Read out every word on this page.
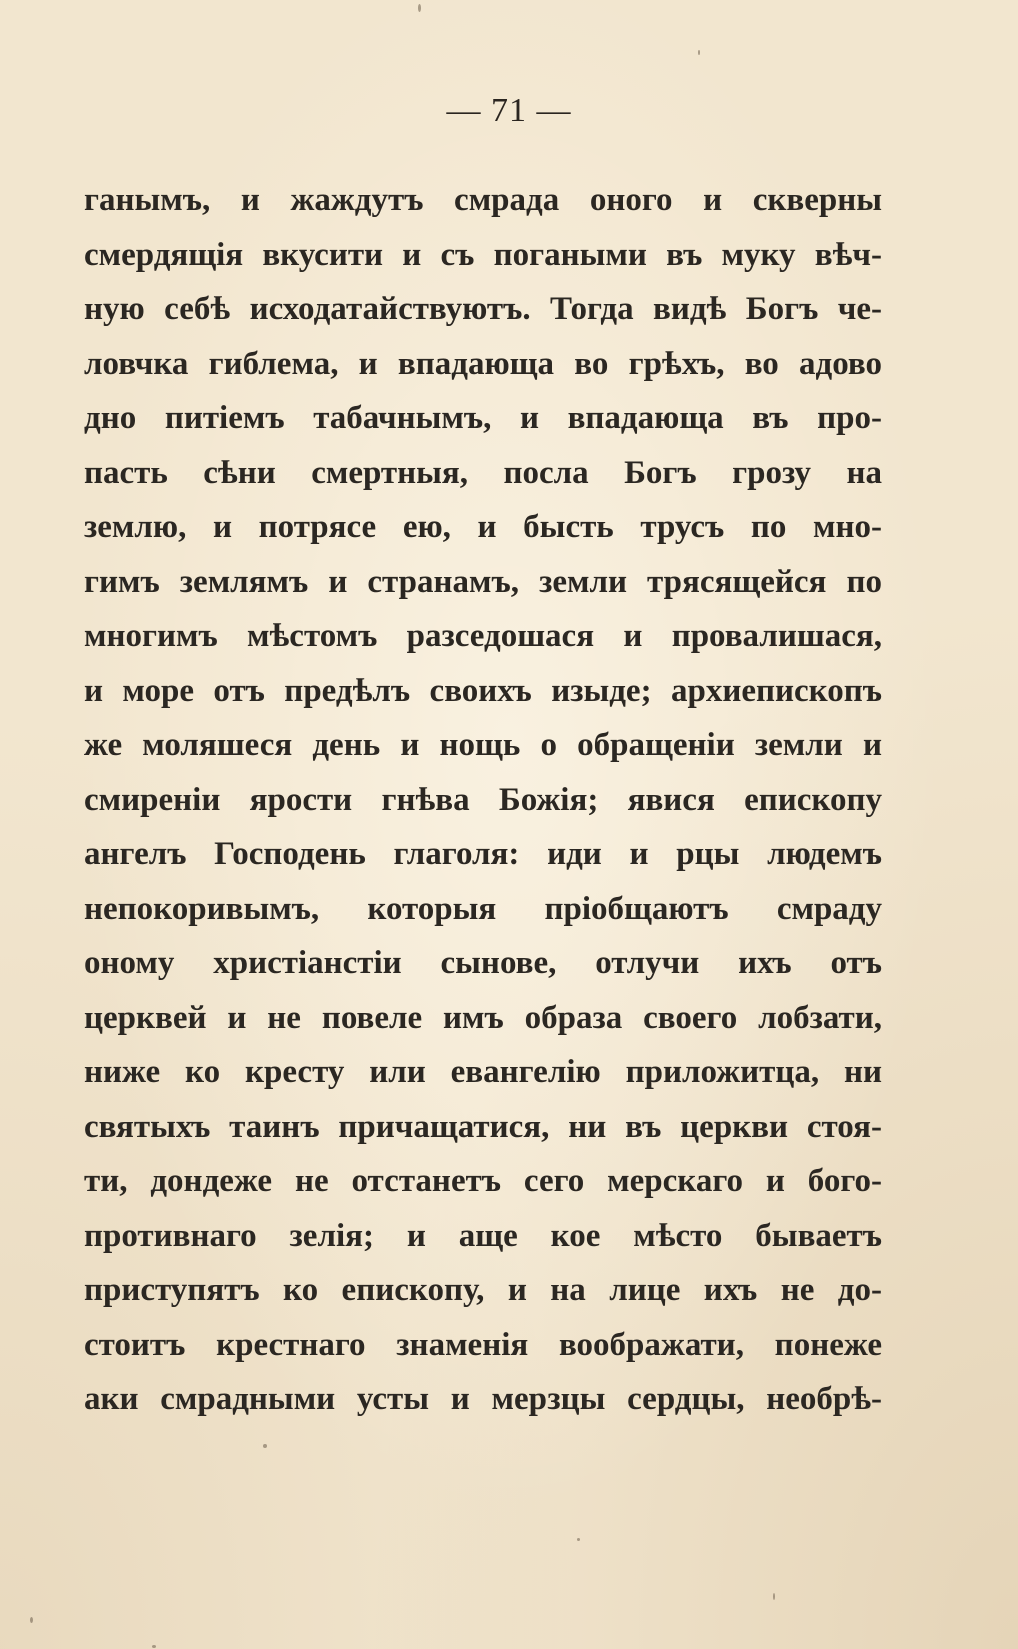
— 71 —
ганымъ, и жаждутъ смрада оного и скверны
смердящія вкусити и съ погаными въ муку вѣч-
ную себѣ исходатайствуютъ. Тогда видѣ Богъ че-
ловчка гиблема, и впадающа во грѣхъ, во адово
дно питіемъ табачнымъ, и впадающа въ про-
пасть сѣни смертныя, посла Богъ грозу на
землю, и потрясе ею, и бысть трусъ по мно-
гимъ землямъ и странамъ, земли трясящейся по
многимъ мѣстомъ разседошася и провалишася,
и море отъ предѣлъ своихъ изыде; архиепископъ
же моляшеся день и нощь о обращеніи земли и
смиреніи ярости гнѣва Божія; явися епископу
ангелъ Господень глаголя: иди и рцы людемъ
непокоривымъ, которыя пріобщаютъ смраду
оному христіанстіи сынове, отлучи ихъ отъ
церквей и не повеле имъ образа своего лобзати,
ниже ко кресту или евангелію приложитца, ни
святыхъ таинъ причащатися, ни въ церкви стоя-
ти, дондеже не отстанетъ сего мерскаго и бого-
противнаго зелія; и аще кое мѣсто бываетъ
приступятъ ко епископу, и на лице ихъ не до-
стоитъ крестнаго знаменія воображати, понеже
аки смрадными усты и мерзцы сердцы, необрѣ-
